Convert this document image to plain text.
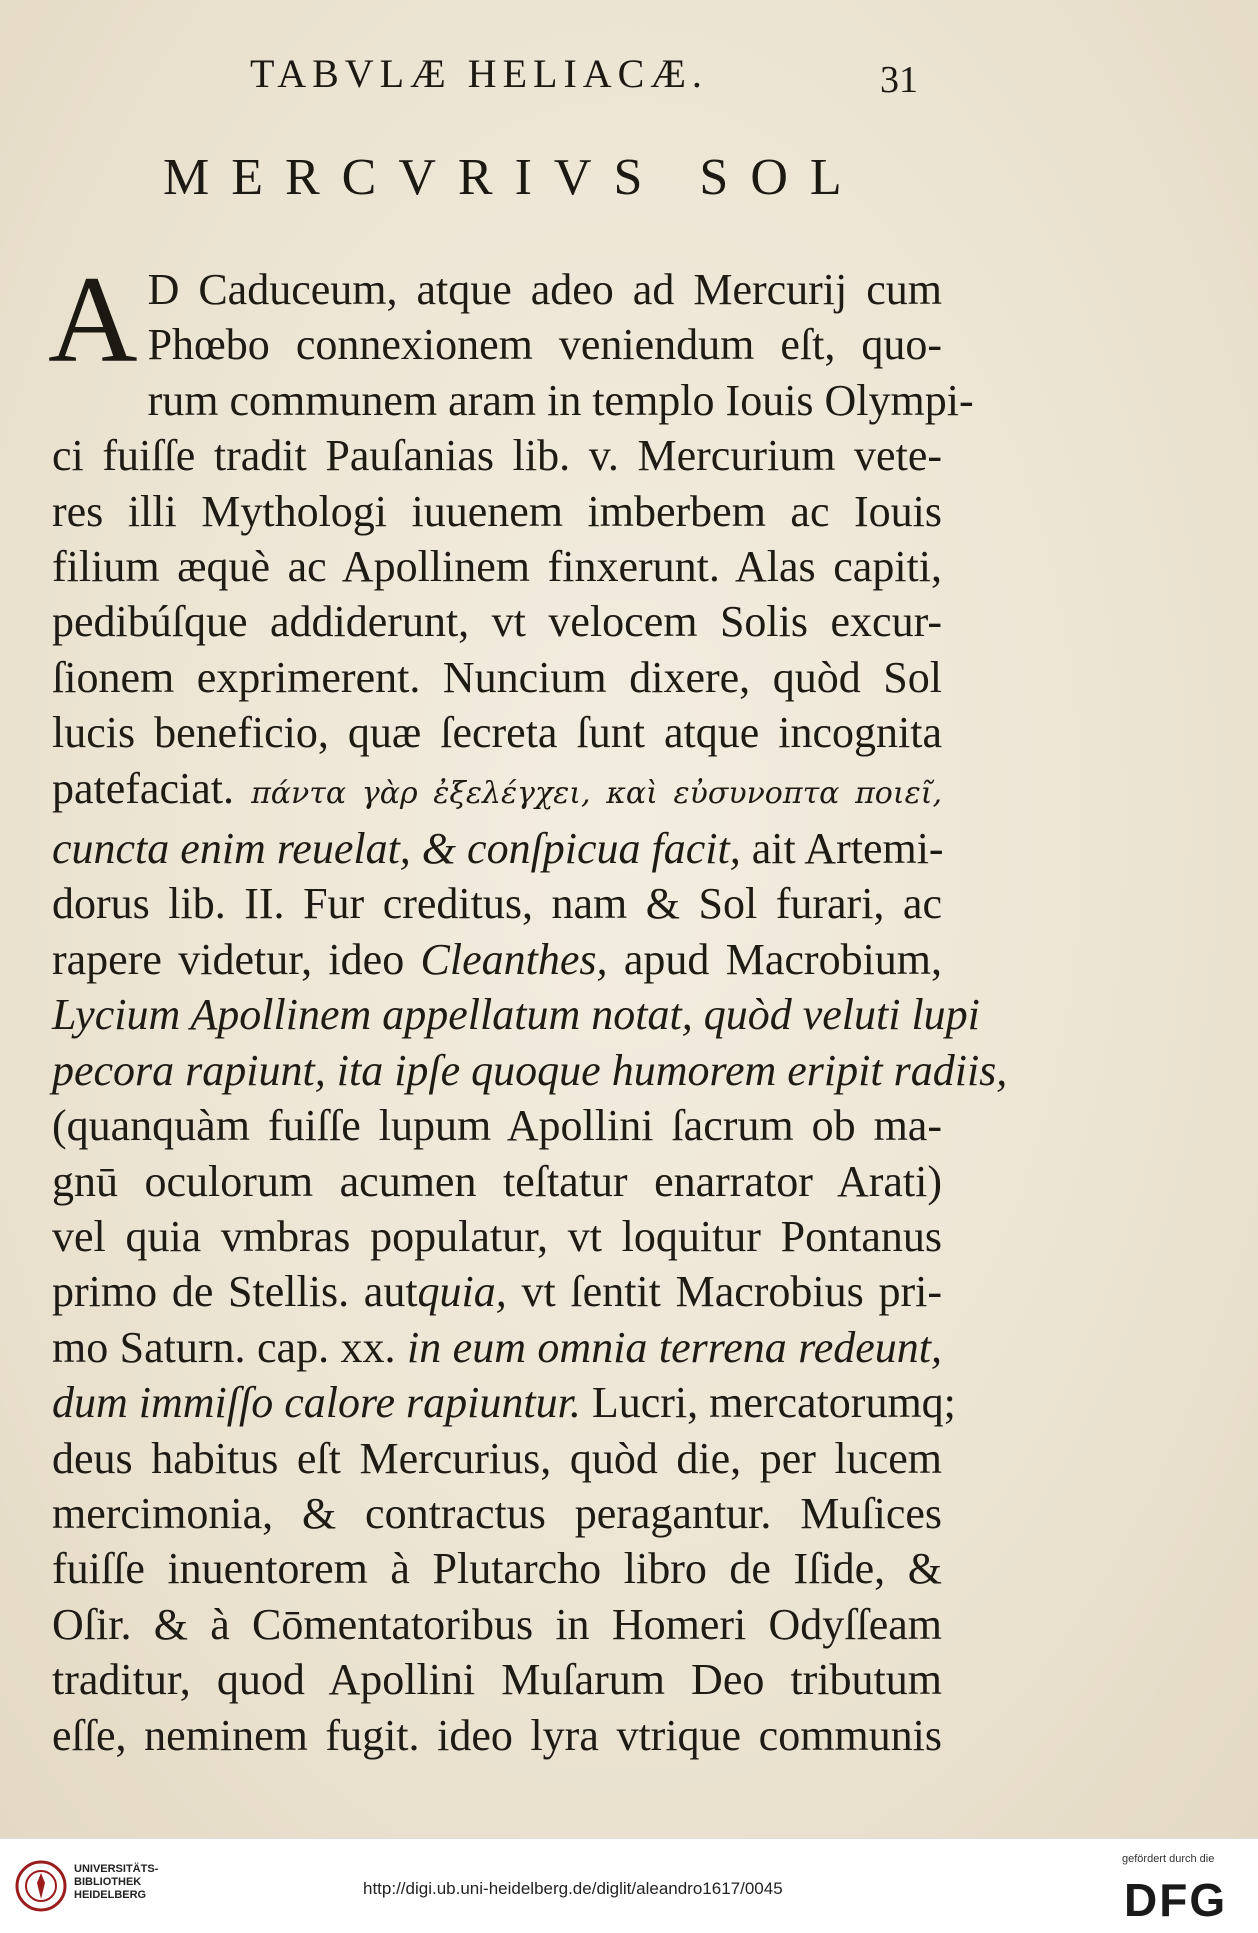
TABVLÆ HELIACÆ.	31
MERCVRIVS SOL
A D Caduceum, atque adeo ad Mercurij cum
Phœbo connexionem veniendum eſt, quo-
rum communem aram in templo Iouis Olympi-
ci fuiſſe tradit Pauſanias lib. v. Mercurium vete-
res illi Mythologi iuuenem imberbem ac Iouis
filium æquè ac Apollinem finxerunt. Alas capiti,
pedibúſque addiderunt, vt velocem Solis excur-
ſionem exprimerent. Nuncium dixere, quòd Sol
lucis beneficio, quæ ſecreta ſunt atque incognita
patefaciat. πάντα γὰρ ἐξελέγχει, καὶ εὐσυνοπτα ποιεῖ,
cuncta enim reuelat, & conſpicua facit, ait Artemi-
dorus lib. II. Fur creditus, nam & Sol furari, ac
rapere videtur, ideo Cleanthes, apud Macrobium,
Lycium Apollinem appellatum notat, quòd veluti lupi
pecora rapiunt, ita ipſe quoque humorem eripit radiis,
(quanquàm fuiſſe lupum Apollini ſacrum ob ma-
gnū oculorum acumen teſtatur enarrator Arati)
vel quia vmbras populatur, vt loquitur Pontanus
primo de Stellis. autquia, vt ſentit Macrobius pri-
mo Saturn. cap. xx. in eum omnia terrena redeunt,
dum immiſſo calore rapiuntur. Lucri, mercatorumq;
deus habitus eſt Mercurius, quòd die, per lucem
mercimonia, & contractus peragantur. Muſices
fuiſſe inuentorem à Plutarcho libro de Iſide, &
Oſir. & à Cōmentatoribus in Homeri Odyſſeam
traditur, quod Apollini Muſarum Deo tributum
eſſe, neminem fugit. ideo lyra vtrique communis
UNIVERSITÄTS-
BIBLIOTHEK
HEIDELBERG	http://digi.ub.uni-heidelberg.de/diglit/aleandro1617/0045
gefördert durch die
DFG
